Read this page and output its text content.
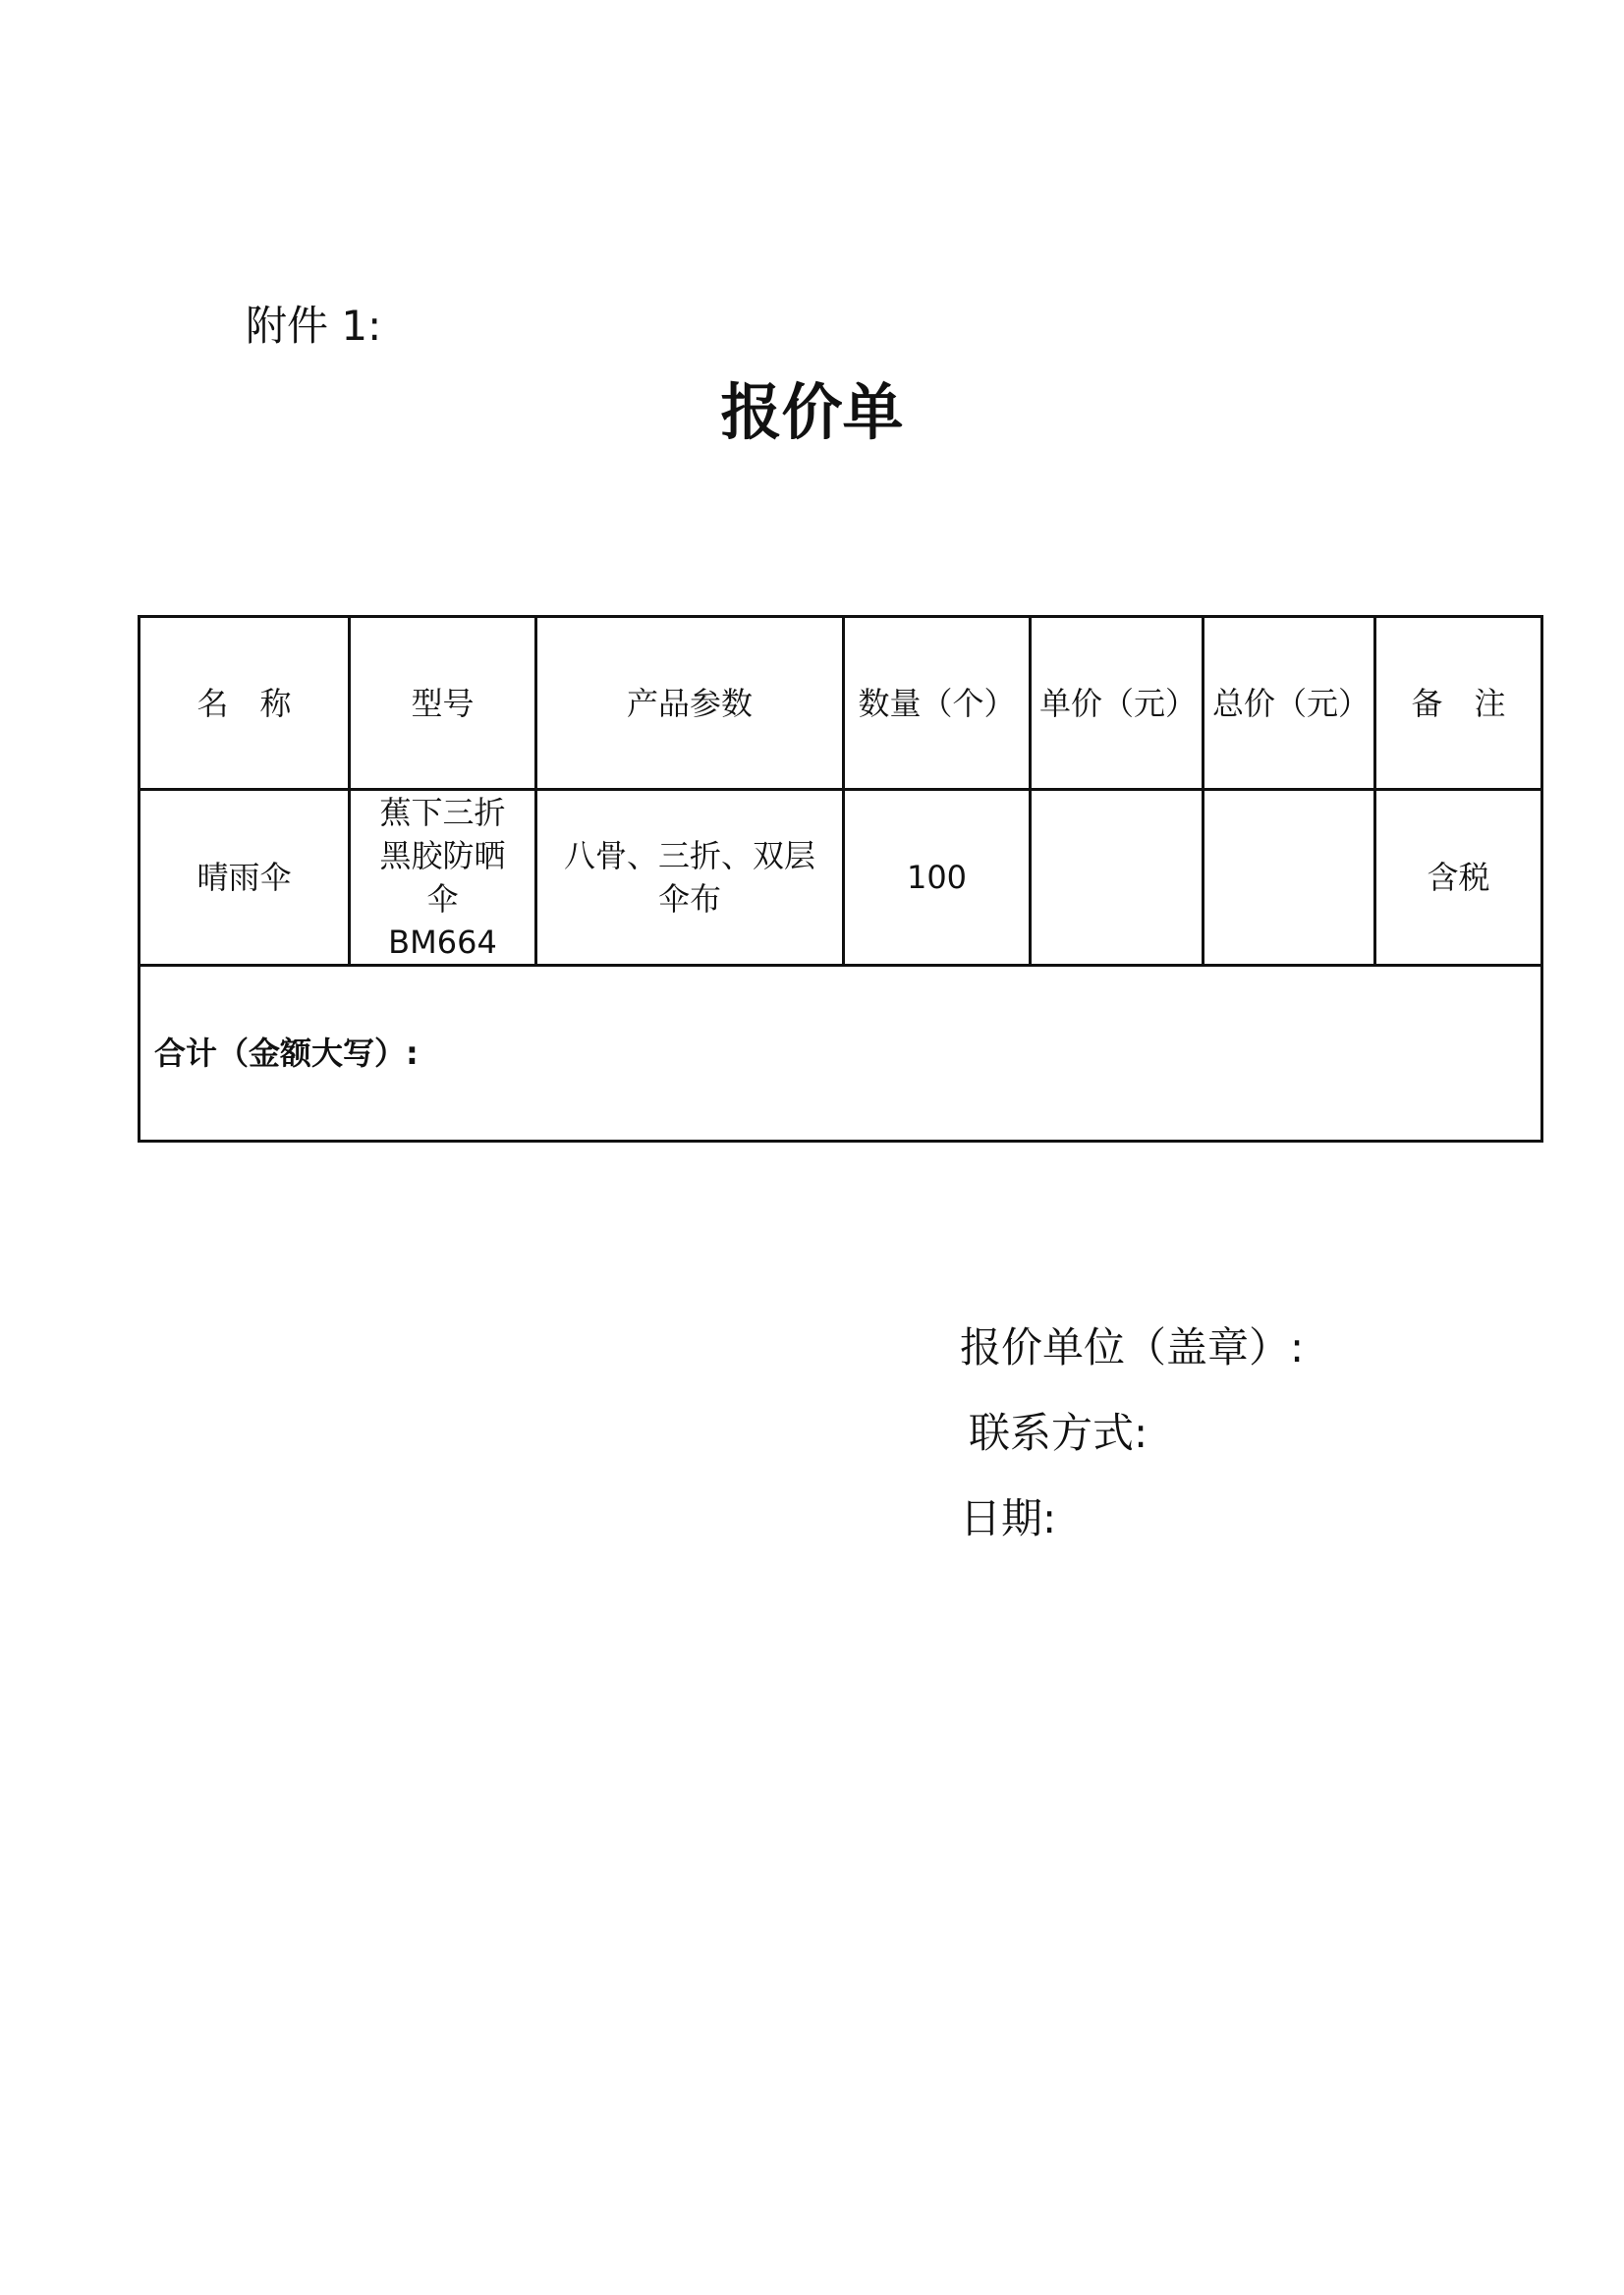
附件 1:
报价单
名　称	型号	产品参数	数量（个）	单价（元）	总价（元）	备　注
晴雨伞	蕉下三折黑胶防晒伞 BM664	八骨、三折、双层伞布	100			含税
合计（金额大写）:						
报价单位（盖章）:
联系方式:
日期:
